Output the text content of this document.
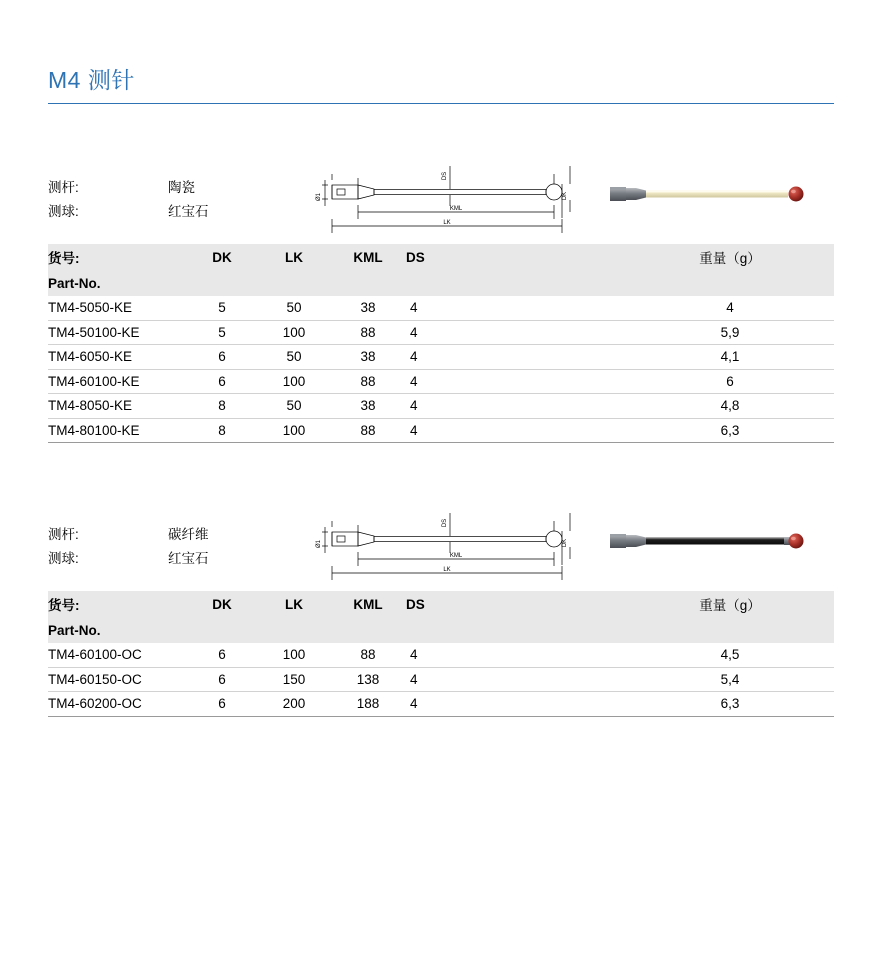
M4 测针
测杆:
测球:
陶瓷
红宝石
Ø1
DS
DK
KML
LK
货号:	DK	LK	KML	DS		重量（g）
Part-No.						
TM4-5050-KE	5	50	38	4		4
TM4-50100-KE	5	100	88	4		5,9
TM4-6050-KE	6	50	38	4		4,1
TM4-60100-KE	6	100	88	4		6
TM4-8050-KE	8	50	38	4		4,8
TM4-80100-KE	8	100	88	4		6,3
测杆:
测球:
碳纤维
红宝石
Ø1
DS
DK
KML
LK
货号:	DK	LK	KML	DS		重量（g）
Part-No.						
TM4-60100-OC	6	100	88	4		4,5
TM4-60150-OC	6	150	138	4		5,4
TM4-60200-OC	6	200	188	4		6,3
